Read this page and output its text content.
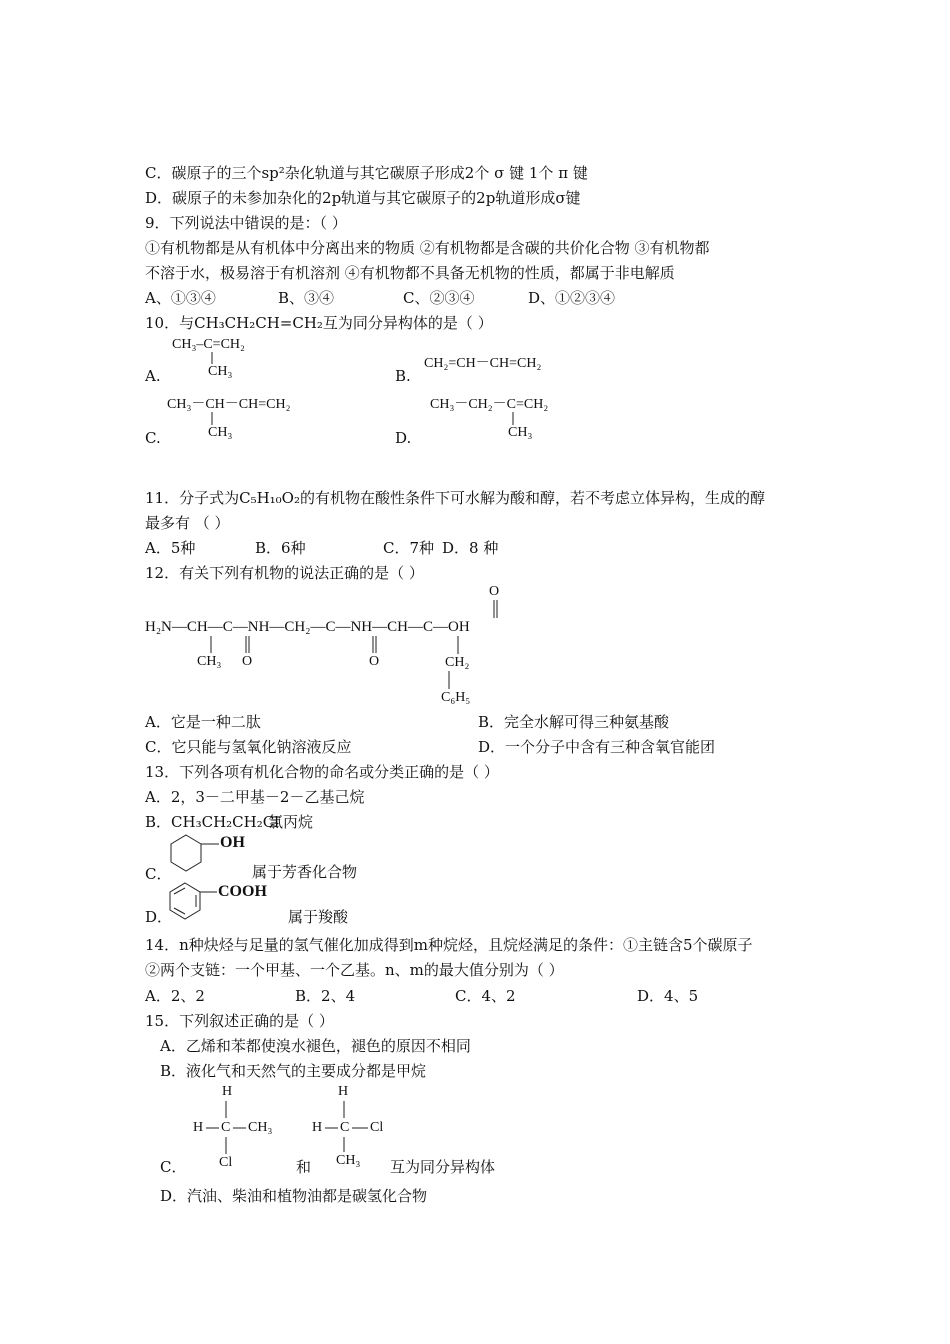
C．碳原子的三个sp²杂化轨道与其它碳原子形成2个 σ 键 1个 π 键
D．碳原子的未参加杂化的2p轨道与其它碳原子的2p轨道形成σ键
9．下列说法中错误的是：（ ）
①有机物都是从有机体中分离出来的物质 ②有机物都是含碳的共价化合物 ③有机物都
不溶于水，极易溶于有机溶剂 ④有机物都不具备无机物的性质，都属于非电解质
A、①③④	B、③④	C、②③④	D、①②③④
10．与CH₃CH₂CH=CH₂互为同分异构体的是（ ）
A.	B.
C.	D.
CH₃–C=CH₂
CH₃
CH₂=CH－CH=CH₂
CH₃－CH－CH=CH₂
CH₃
CH₃－CH₂－C=CH₂
CH₃
11．分子式为C₅H₁₀O₂的有机物在酸性条件下可水解为酸和醇，若不考虑立体异构，生成的醇
最多有 （ ）
A．5种	B．6种	C．7种 D．8 种
12．有关下列有机物的说法正确的是（ ）
H₂N—CH—C—NH—CH₂—C—NH—CH—C—OH
O
CH₃ O	O	CH₂
C₆H₅
A．它是一种二肽	B．完全水解可得三种氨基酸
C．它只能与氢氧化钠溶液反应	D．一个分子中含有三种含氧官能团
13．下列各项有机化合物的命名或分类正确的是（ ）
A．2，3－二甲基－2－乙基己烷
B．CH₃CH₂CH₂Cl
氯丙烷
C．
OH
属于芳香化合物
D．
COOH
属于羧酸
14．n种炔烃与足量的氢气催化加成得到m种烷烃，且烷烃满足的条件：①主链含5个碳原子
②两个支链：一个甲基、一个乙基。n、m的最大值分别为（ ）
A．2、2	B．2、4	C．4、2	D．4、5
15．下列叙述正确的是（ ）
A．乙烯和苯都使溴水褪色，褪色的原因不相同
B．液化气和天然气的主要成分都是甲烷
H
H C CH₃
Cl
H
H C Cl
CH₃
C．	和	互为同分异构体
D．汽油、柴油和植物油都是碳氢化合物
